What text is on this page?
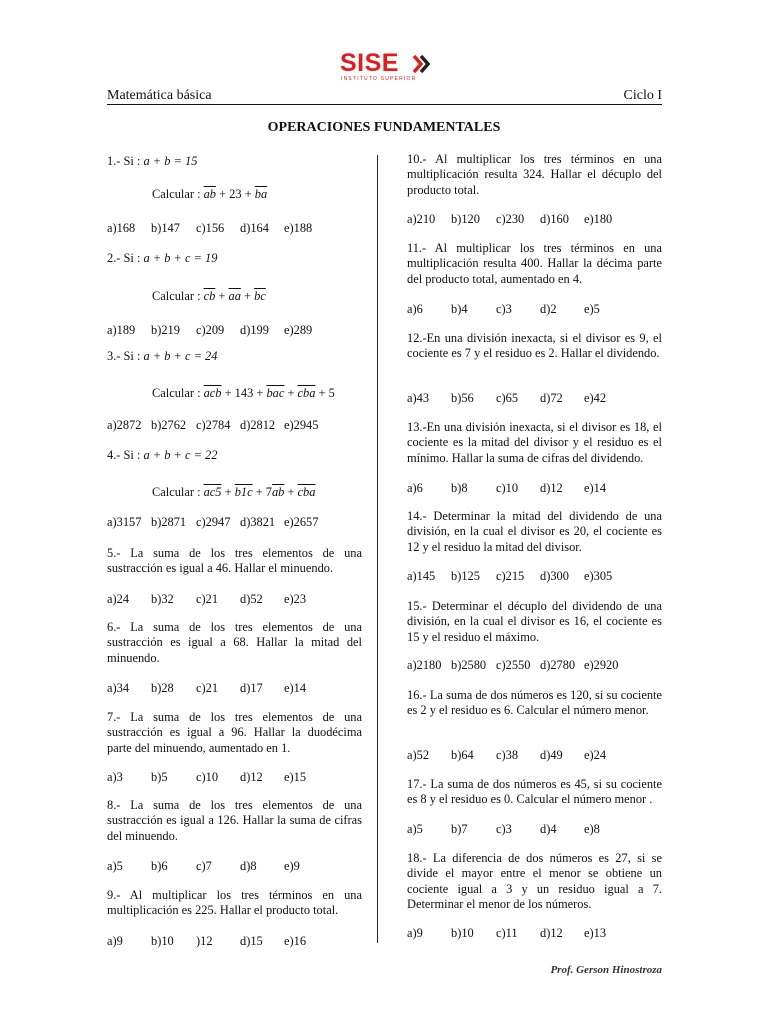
SISE
INSTITUTO SUPERIOR
Matemática básica	Ciclo I
OPERACIONES FUNDAMENTALES
Calcular : $\overline{ab} + 23 + \overline{ba}$
1.- Si : a + b = 15
a)168 b)147 c)156 d)164 e)188
Calcular : $\overline{cb} + \overline{aa} + \overline{bc}$
2.- Si : a + b + c = 19
a)189 b)219 c)209 d)199 e)289
Calcular : $\overline{acb} + 143 + \overline{bac} + \overline{cba} + 5$
3.- Si : a + b + c = 24
a)2872 b)2762 c)2784 d)2812 e)2945
Calcular : $ac5 + b1c + 7\overline{ab} + \overline{cba}$
4.- Si : a + b + c = 22
a)3157 b)2871 c)2947 d)3821 e)2657
5.- La suma de los tres elementos de una sustracción es igual a 46. Hallar el minuendo.
a)24 b)32 c)21 d)52 e)23
6.- La suma de los tres elementos de una sustracción es igual a 68. Hallar la mitad del minuendo.
a)34 b)28 c)21 d)17 e)14
7.- La suma de los tres elementos de una sustracción es igual a 96. Hallar la duodécima parte del minuendo, aumentado en 1.
a)3 b)5 c)10 d)12 e)15
8.- La suma de los tres elementos de una sustracción es igual a 126. Hallar la suma de cifras del minuendo.
a)5 b)6 c)7 d)8 e)9
9.- Al multiplicar los tres términos en una multiplicación es 225. Hallar el producto total.
a)9 b)10 )12 d)15 e)16
10.- Al multiplicar los tres términos en una multiplicación resulta 324. Hallar el décuplo del producto total.
a)210 b)120 c)230 d)160 e)180
11.- Al multiplicar los tres términos en una multiplicación resulta 400. Hallar la décima parte del producto total, aumentado en 4.
a)6 b)4 c)3 d)2 e)5
12.-En una división inexacta, si el divisor es 9, el cociente es 7 y el residuo es 2. Hallar el dividendo.
a)43 b)56 c)65 d)72 e)42
13.-En una división inexacta, si el divisor es 18, el cociente es la mitad del divisor y el residuo es el mínimo. Hallar la suma de cifras del dividendo.
a)6 b)8 c)10 d)12 e)14
14.- Determinar la mitad del dividendo de una división, en la cual el divisor es 20, el cociente es 12 y el residuo la mitad del divisor.
a)145 b)125 c)215 d)300 e)305
15.- Determinar el décuplo del dividendo de una división, en la cual el divisor es 16, el cociente es 15 y el residuo el máximo.
a)2180 b)2580 c)2550 d)2780 e)2920
16.- La suma de dos números es 120, si su cociente es 2 y el residuo es 6. Calcular el número menor.
a)52 b)64 c)38 d)49 e)24
17.- La suma de dos números es 45, si su cociente es 8 y el residuo es 0. Calcular el número menor .
a)5 b)7 c)3 d)4 e)8
18.- La diferencia de dos números es 27, si se divide el mayor entre el menor se obtiene un cociente igual a 3 y un residuo igual a 7. Determinar el menor de los números.
a)9 b)10 c)11 d)12 e)13
Prof. Gerson Hinostroza
